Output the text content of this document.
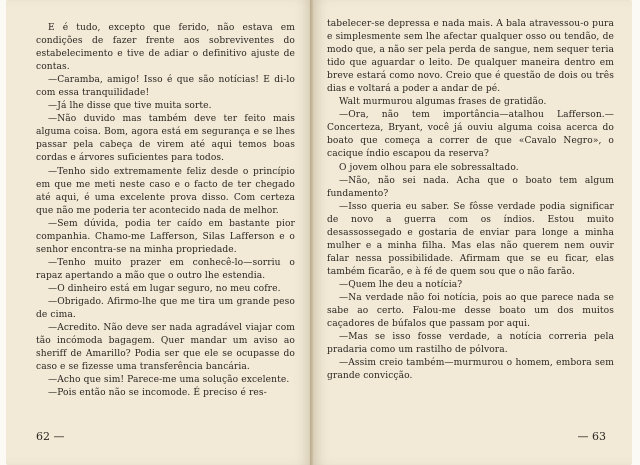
E é tudo, excepto que ferido, não estava em condições de fazer frente aos sobreviventes do estabelecimento e tive de adiar o definitivo ajuste de contas.

—Caramba, amigo! Isso é que são notícias! E di-lo com essa tranquilidade!

—Já lhe disse que tive muita sorte.

—Não duvido mas também deve ter feito mais alguma coisa. Bom, agora está em segurança e se lhes passar pela cabeça de virem até aqui temos boas cordas e árvores suficientes para todos.

—Tenho sido extremamente feliz desde o princípio em que me meti neste caso e o facto de ter chegado até aqui, é uma excelente prova disso. Com certeza que não me poderia ter acontecido nada de melhor.

—Sem dúvida, podia ter caído em bastante pior companhia. Chamo-me Lafferson, Silas Lafferson e o senhor encontra-se na minha propriedade.

—Tenho muito prazer em conhecê-lo—sorriu o rapaz apertando a mão que o outro lhe estendia.

—O dinheiro está em lugar seguro, no meu cofre.

—Obrigado. Afirmo-lhe que me tira um grande peso de cima.

—Acredito. Não deve ser nada agradável viajar com tão incómoda bagagem. Quer mandar um aviso ao sheriff de Amarillo? Podia ser que ele se ocupasse do caso e se fizesse uma transferência bancária.

—Acho que sim! Parece-me uma solução excelente.

—Pois então não se incomode. É preciso é res-

62 —

tabelecer-se depressa e nada mais. A bala atravessou-o pura e simplesmente sem lhe afectar qualquer osso ou tendão, de modo que, a não ser pela perda de sangue, nem sequer teria tido que aguardar o leito. De qualquer maneira dentro em breve estará como novo. Creio que é questão de dois ou três dias e voltará a poder a andar de pé.

Walt murmurou algumas frases de gratidão.

—Ora, não tem importância—atalhou Lafferson.—Concerteza, Bryant, você já ouviu alguma coisa acerca do boato que começa a correr de que «Cavalo Negro», o cacique índio escapou da reserva?

O jovem olhou para ele sobressaltado.

—Não, não sei nada. Acha que o boato tem algum fundamento?

—Isso queria eu saber. Se fôsse verdade podia significar de novo a guerra com os índios. Estou muito desassossegado e gostaria de enviar para longe a minha mulher e a minha filha. Mas elas não querem nem ouvir falar nessa possibilidade. Afirmam que se eu ficar, elas também ficarão, e à fé de quem sou que o não farão.

—Quem lhe deu a notícia?

—Na verdade não foi notícia, pois ao que parece nada se sabe ao certo. Falou-me desse boato um dos muitos caçadores de búfalos que passam por aqui.

—Mas se isso fosse verdade, a notícia correria pela pradaria como um rastilho de pólvora.

—Assim creio também—murmurou o homem, embora sem grande convicção.

— 63
